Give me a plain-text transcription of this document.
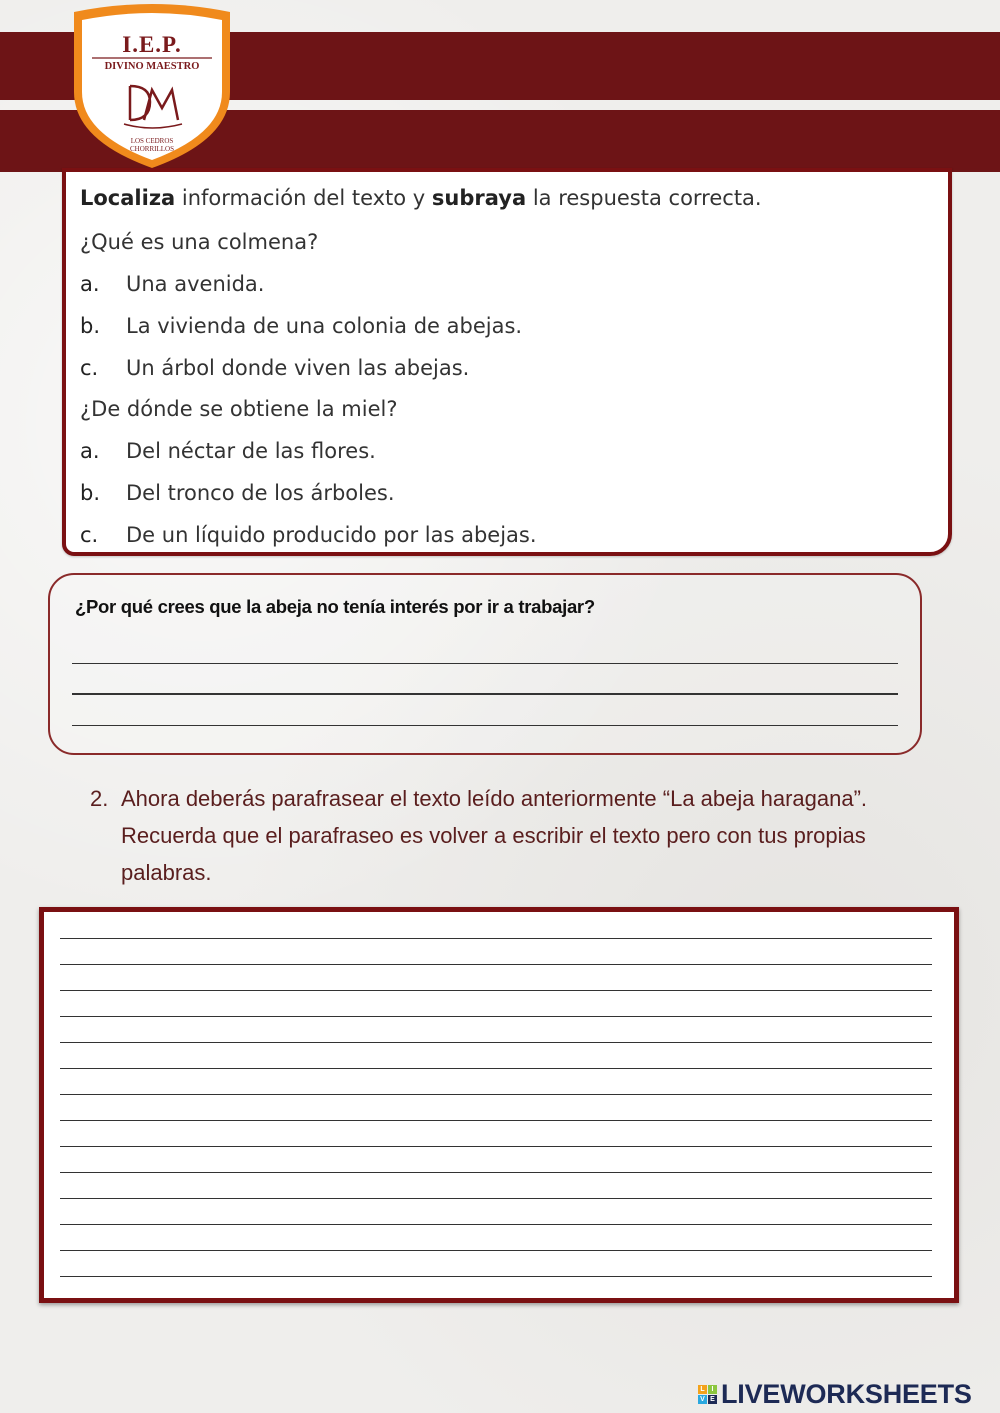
I.E.P.
DIVINO MAESTRO
LOS CEDROS
CHORRILLOS
Localiza información del texto y subraya la respuesta correcta.
¿Qué es una colmena?
a. Una avenida.
b. La vivienda de una colonia de abejas.
c. Un árbol donde viven las abejas.
¿De dónde se obtiene la miel?
a. Del néctar de las flores.
b. Del tronco de los árboles.
c. De un líquido producido por las abejas.
¿Por qué crees que la abeja no tenía interés por ir a trabajar?
2. Ahora deberás parafrasear el texto leído anteriormente “La abeja haragana”. Recuerda que el parafraseo es volver a escribir el texto pero con tus propias palabras.
L I
V E LIVEWORKSHEETS
